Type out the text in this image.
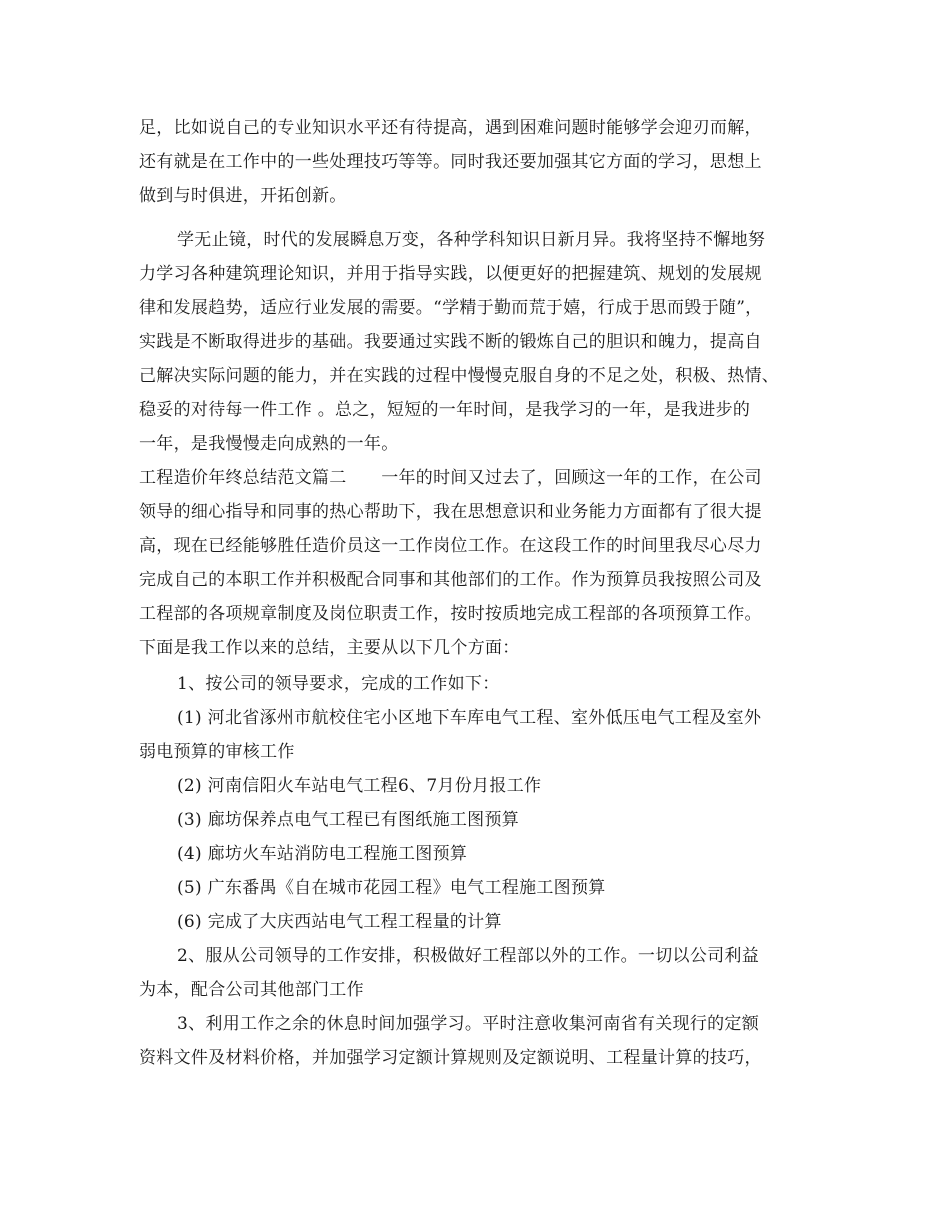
足，比如说自己的专业知识水平还有待提高，遇到困难问题时能够学会迎刃而解，
还有就是在工作中的一些处理技巧等等。同时我还要加强其它方面的学习，思想上
做到与时俱进，开拓创新。
学无止镜，时代的发展瞬息万变，各种学科知识日新月异。我将坚持不懈地努
力学习各种建筑理论知识，并用于指导实践，以便更好的把握建筑、规划的发展规
律和发展趋势，适应行业发展的需要。“学精于勤而荒于嬉，行成于思而毁于随”，
实践是不断取得进步的基础。我要通过实践不断的锻炼自己的胆识和魄力，提高自
己解决实际问题的能力，并在实践的过程中慢慢克服自身的不足之处，积极、热情、
稳妥的对待每一件工作 。总之，短短的一年时间，是我学习的一年，是我进步的
一年，是我慢慢走向成熟的一年。
工程造价年终总结范文篇二　　一年的时间又过去了，回顾这一年的工作，在公司
领导的细心指导和同事的热心帮助下，我在思想意识和业务能力方面都有了很大提
高，现在已经能够胜任造价员这一工作岗位工作。在这段工作的时间里我尽心尽力
完成自己的本职工作并积极配合同事和其他部们的工作。作为预算员我按照公司及
工程部的各项规章制度及岗位职责工作，按时按质地完成工程部的各项预算工作。
下面是我工作以来的总结，主要从以下几个方面：
1、按公司的领导要求，完成的工作如下：
(1) 河北省涿州市航校住宅小区地下车库电气工程、室外低压电气工程及室外
弱电预算的审核工作
(2) 河南信阳火车站电气工程6、7月份月报工作
(3) 廊坊保养点电气工程已有图纸施工图预算
(4) 廊坊火车站消防电工程施工图预算
(5) 广东番禺《自在城市花园工程》电气工程施工图预算
(6) 完成了大庆西站电气工程工程量的计算
2、服从公司领导的工作安排，积极做好工程部以外的工作。一切以公司利益
为本，配合公司其他部门工作
3、利用工作之余的休息时间加强学习。平时注意收集河南省有关现行的定额
资料文件及材料价格，并加强学习定额计算规则及定额说明、工程量计算的技巧，
